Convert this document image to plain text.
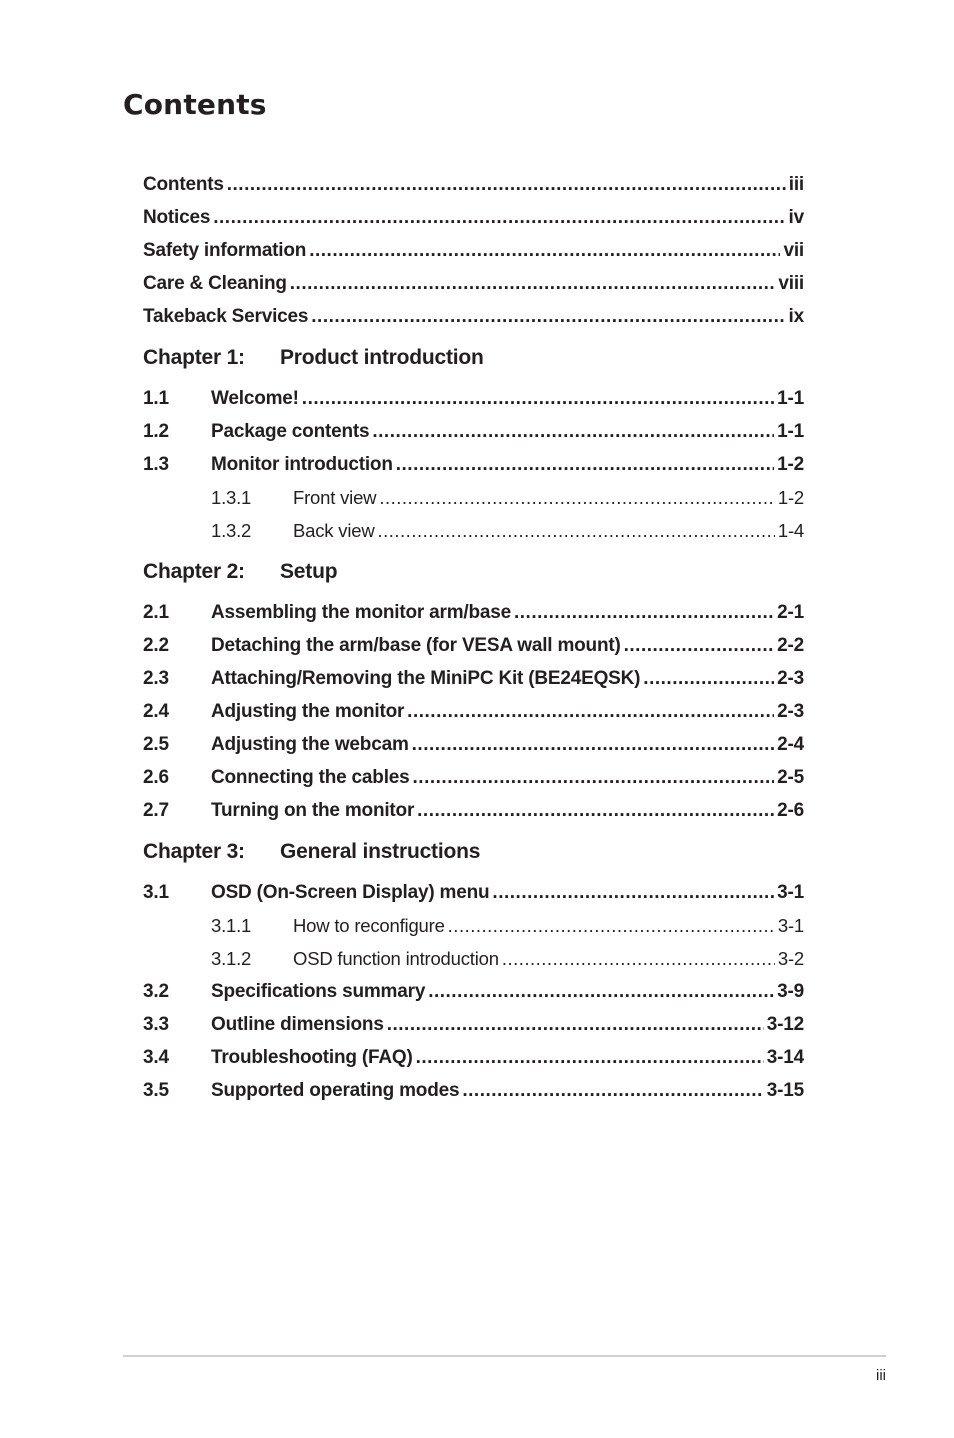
Contents
Contents .....	iii
Notices .....	iv
Safety information .....	vii
Care & Cleaning .....	viii
Takeback Services .....	ix
Chapter 1:	Product introduction
1.1	Welcome! .....	1-1
1.2	Package contents .....	1-1
1.3	Monitor introduction .....	1-2
1.3.1	Front view .....	1-2
1.3.2	Back view .....	1-4
Chapter 2:	Setup
2.1	Assembling the monitor arm/base .....	2-1
2.2	Detaching the arm/base (for VESA wall mount) .....	2-2
2.3	Attaching/Removing the MiniPC Kit (BE24EQSK) .....	2-3
2.4	Adjusting the monitor .....	2-3
2.5	Adjusting the webcam .....	2-4
2.6	Connecting the cables .....	2-5
2.7	Turning on the monitor .....	2-6
Chapter 3:	General instructions
3.1	OSD (On-Screen Display) menu .....	3-1
3.1.1	How to reconfigure .....	3-1
3.1.2	OSD function introduction .....	3-2
3.2	Specifications summary .....	3-9
3.3	Outline dimensions .....	3-12
3.4	Troubleshooting (FAQ) .....	3-14
3.5	Supported operating modes .....	3-15
iii
